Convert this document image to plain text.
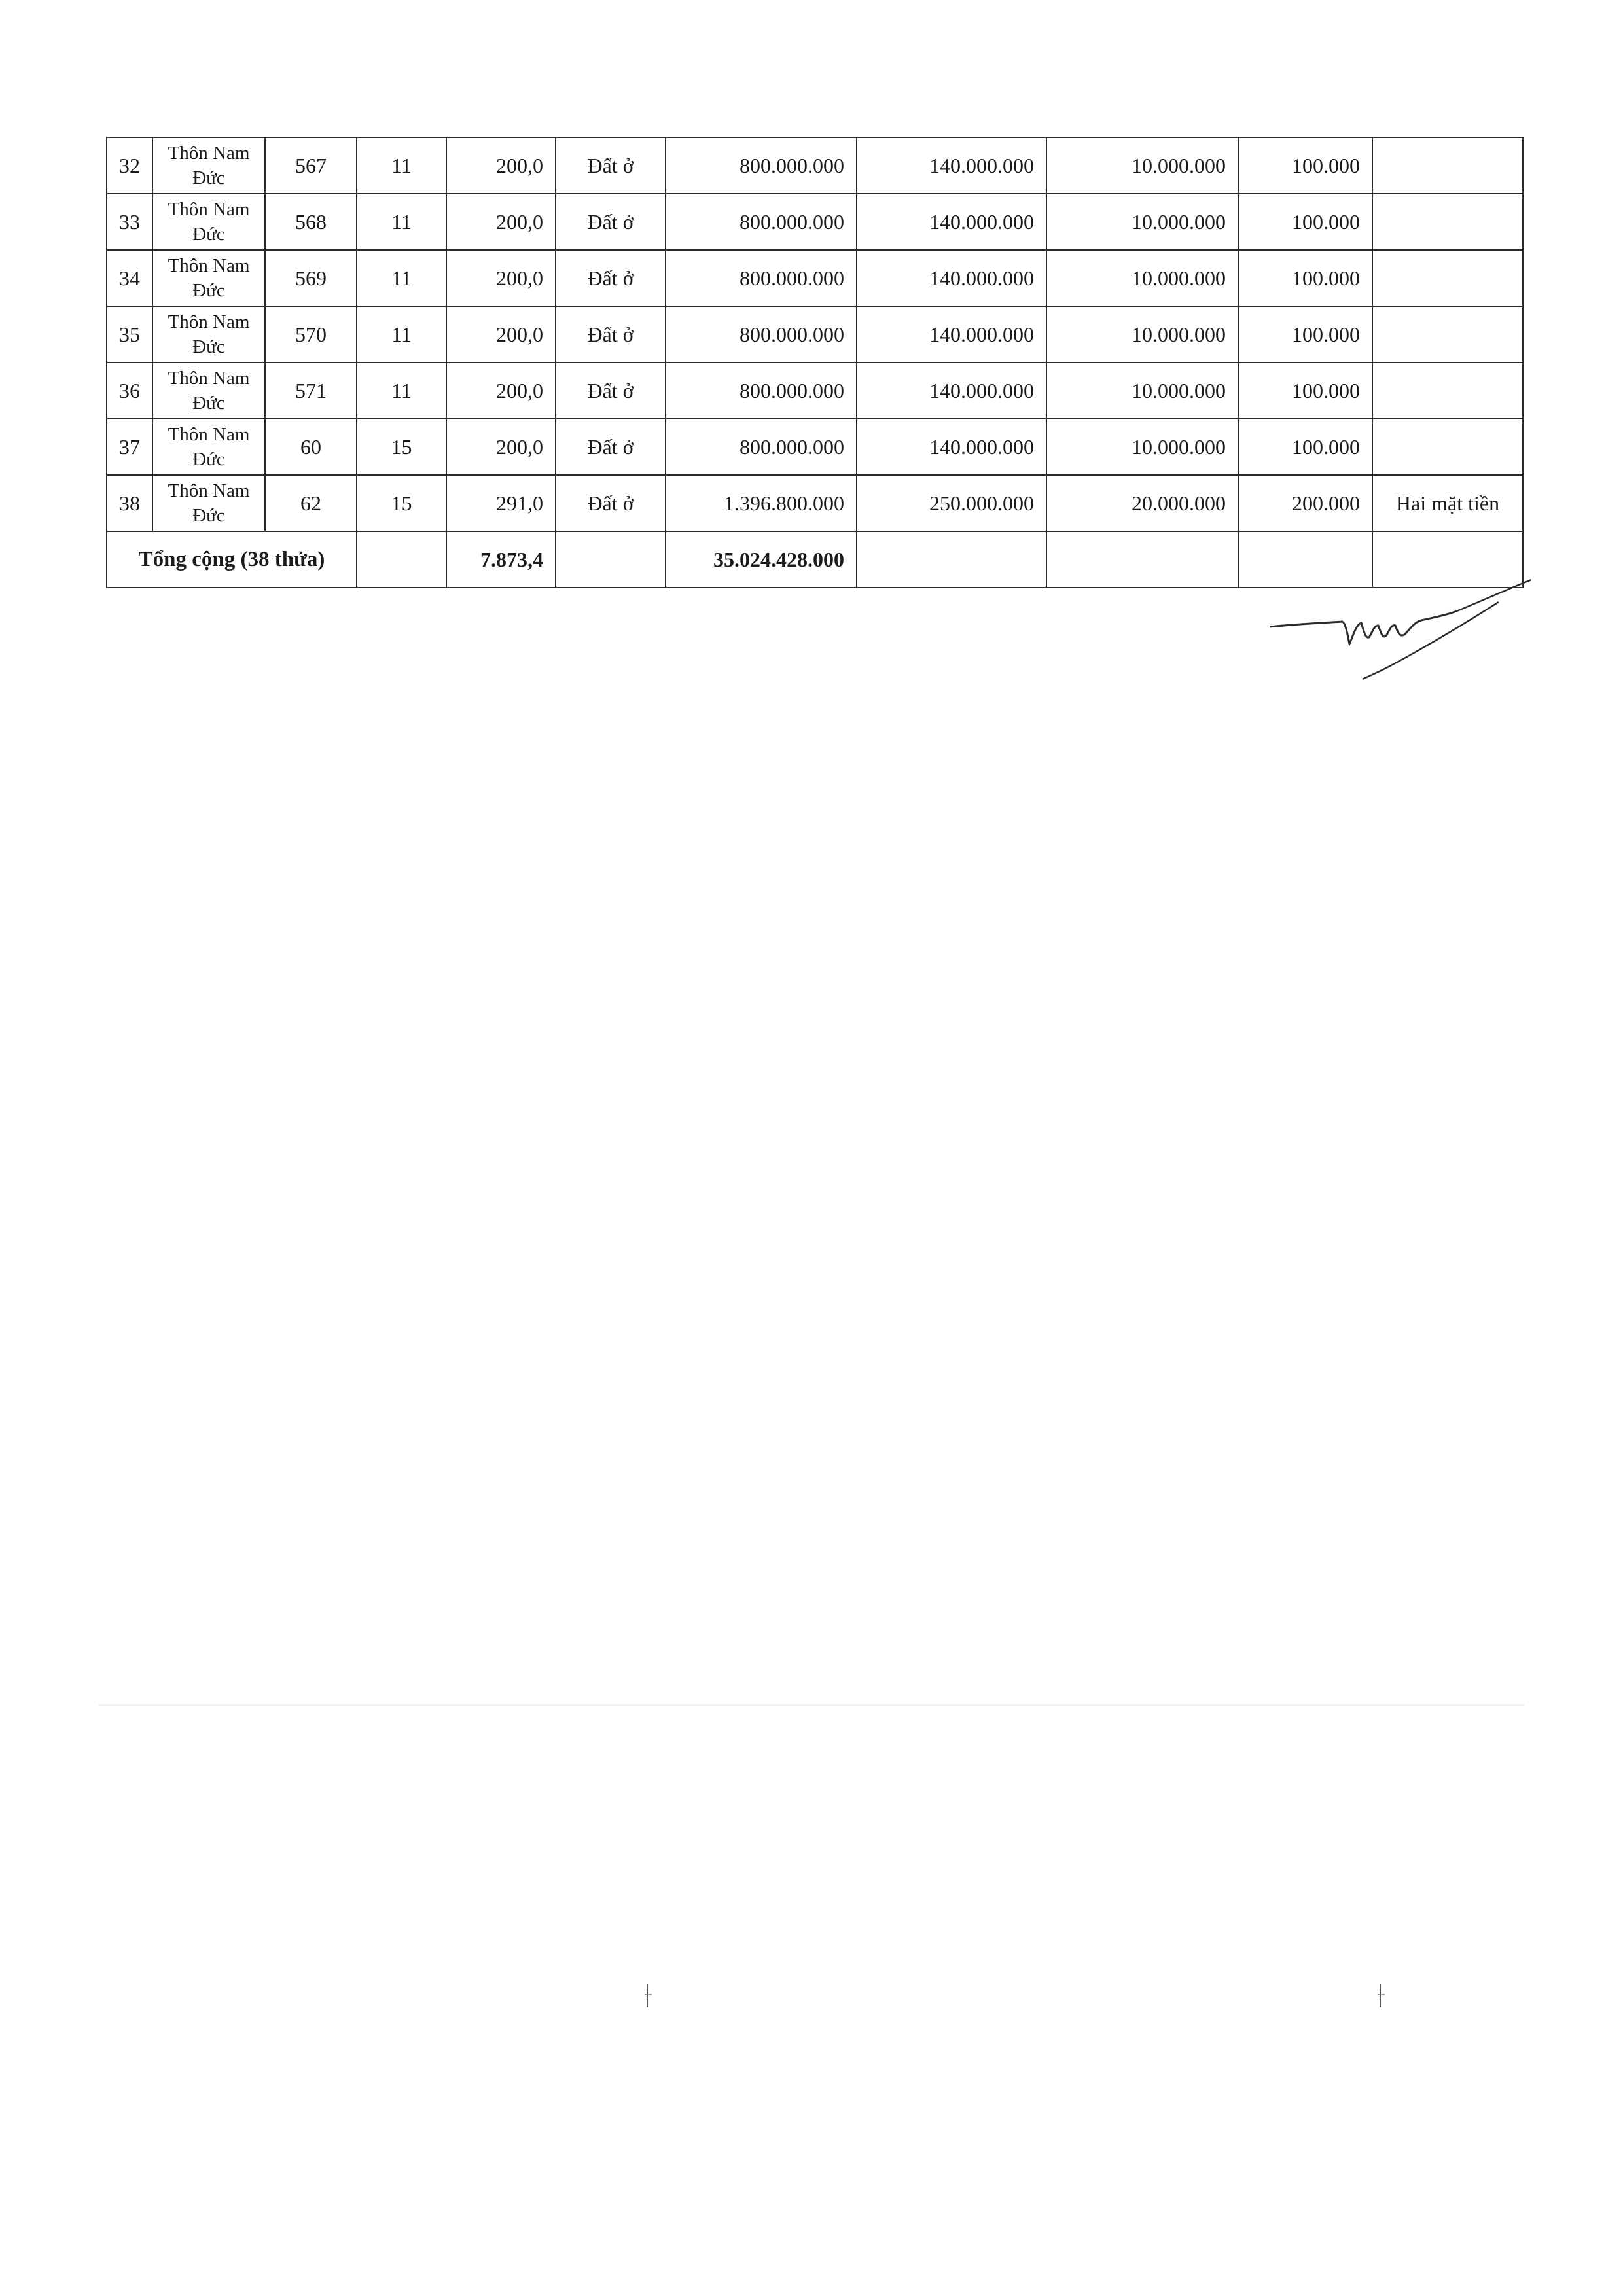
32	Thôn Nam Đức	567	11	200,0	Đất ở	800.000.000	140.000.000	10.000.000	100.000	
33	Thôn Nam Đức	568	11	200,0	Đất ở	800.000.000	140.000.000	10.000.000	100.000	
34	Thôn Nam Đức	569	11	200,0	Đất ở	800.000.000	140.000.000	10.000.000	100.000	
35	Thôn Nam Đức	570	11	200,0	Đất ở	800.000.000	140.000.000	10.000.000	100.000	
36	Thôn Nam Đức	571	11	200,0	Đất ở	800.000.000	140.000.000	10.000.000	100.000	
37	Thôn Nam Đức	60	15	200,0	Đất ở	800.000.000	140.000.000	10.000.000	100.000	
38	Thôn Nam Đức	62	15	291,0	Đất ở	1.396.800.000	250.000.000	20.000.000	200.000	Hai mặt tiền
Tổng cộng (38 thửa)				7.873,4		35.024.428.000				
